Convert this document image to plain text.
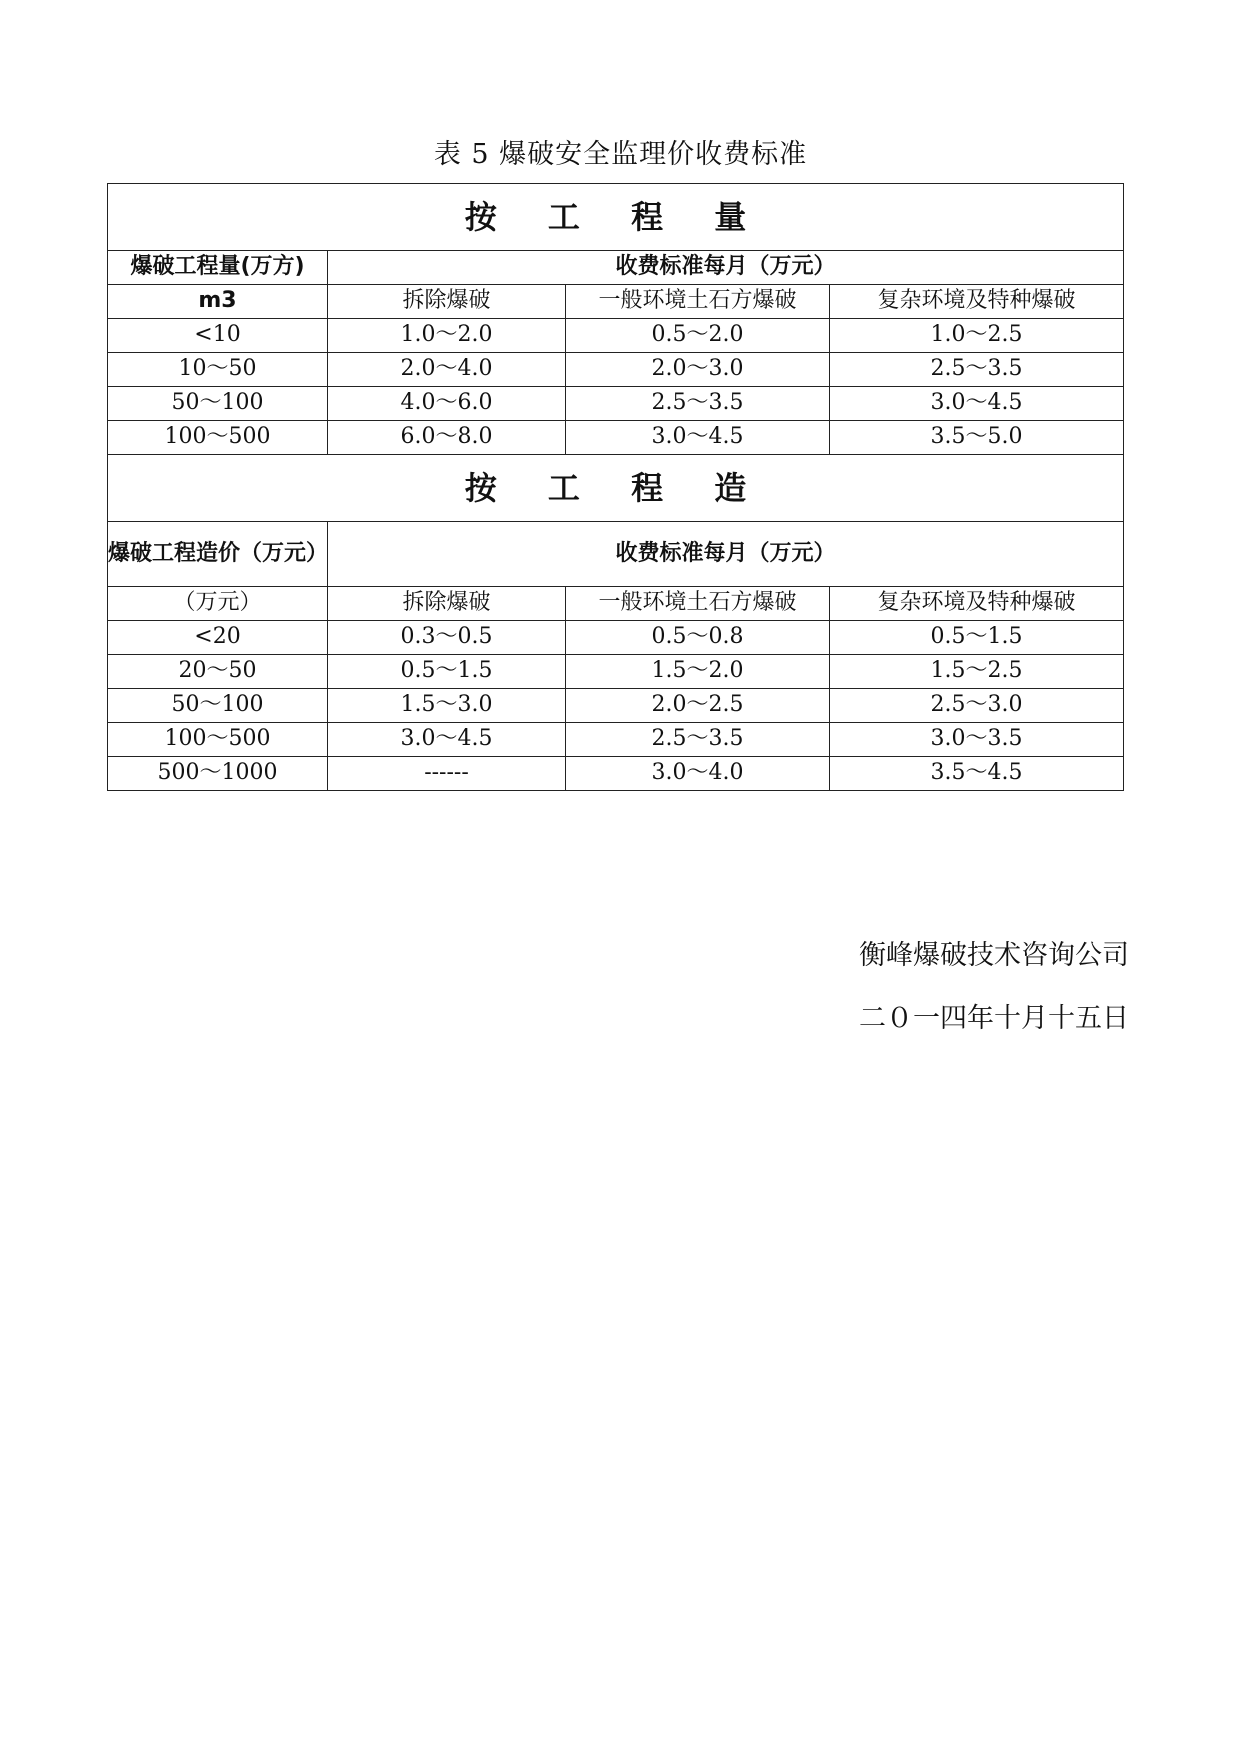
表 5 爆破安全监理价收费标准
按 工 程 量			
爆破工程量(万方)	收费标准每月（万元）		
m3	拆除爆破	一般环境土石方爆破	复杂环境及特种爆破
<10	1.0～2.0	0.5～2.0	1.0～2.5
10～50	2.0～4.0	2.0～3.0	2.5～3.5
50～100	4.0～6.0	2.5～3.5	3.0～4.5
100～500	6.0～8.0	3.0～4.5	3.5～5.0
按 工 程 造			
爆破工程造价（万元）	收费标准每月（万元）		
（万元）	拆除爆破	一般环境土石方爆破	复杂环境及特种爆破
<20	0.3～0.5	0.5～0.8	0.5～1.5
20～50	0.5～1.5	1.5～2.0	1.5～2.5
50～100	1.5～3.0	2.0～2.5	2.5～3.0
100～500	3.0～4.5	2.5～3.5	3.0～3.5
500～1000	------	3.0～4.0	3.5～4.5
衡峰爆破技术咨询公司
二０一四年十月十五日
